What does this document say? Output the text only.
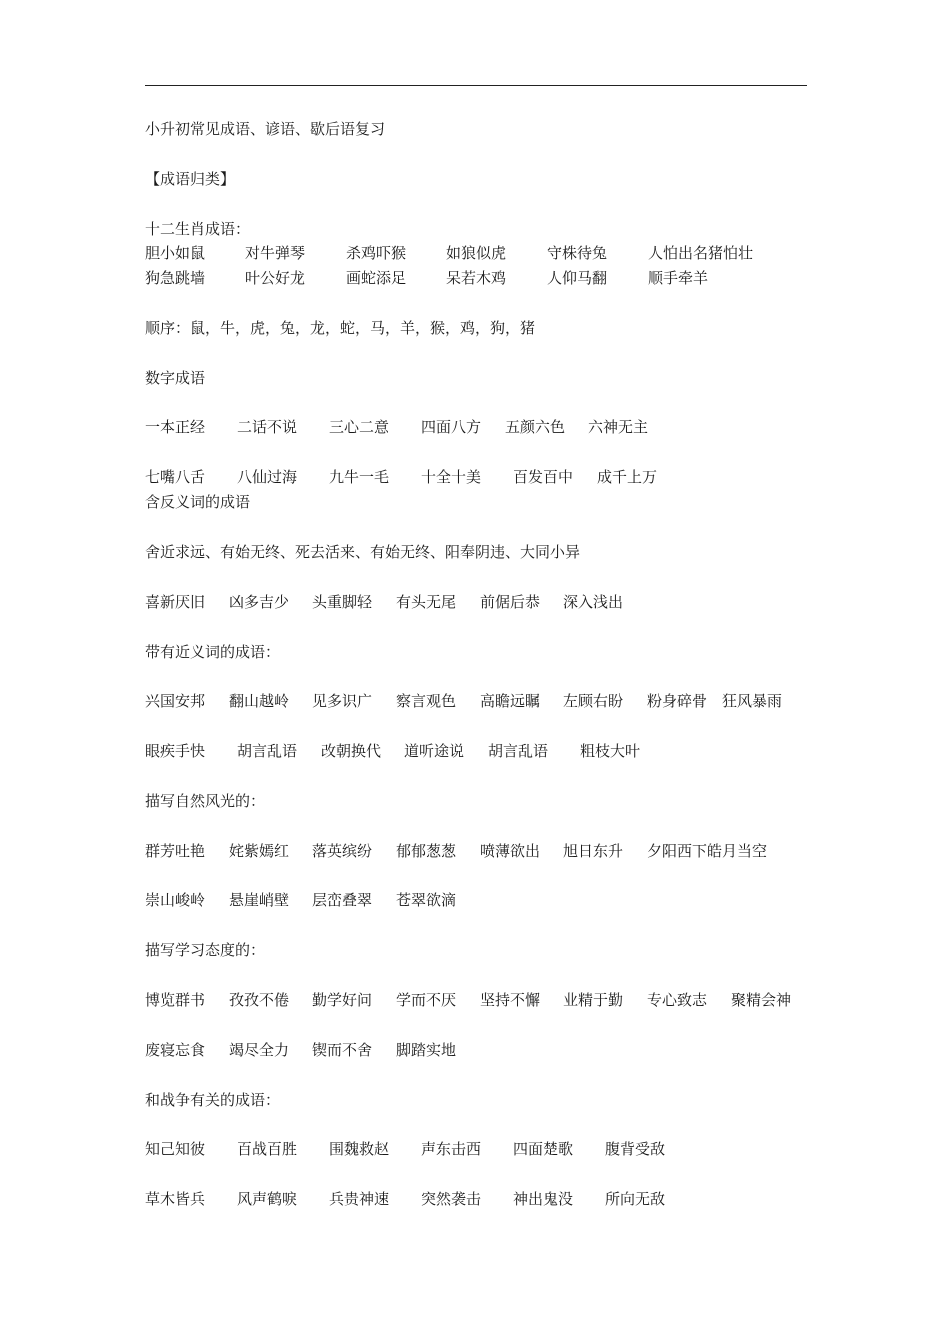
小升初常见成语、谚语、歇后语复习
【成语归类】
十二生肖成语：
胆小如鼠	对牛弹琴	杀鸡吓猴	如狼似虎	守株待兔	人怕出名猪怕壮
狗急跳墙	叶公好龙	画蛇添足	呆若木鸡	人仰马翻	顺手牵羊
顺序：鼠，牛，虎，兔，龙，蛇，马，羊，猴，鸡，狗，猪
数字成语
一本正经 二话不说 三心二意 四面八方 五颜六色 六神无主
七嘴八舌 八仙过海 九牛一毛 十全十美 百发百中 成千上万
含反义词的成语
舍近求远、有始无终、死去活来、有始无终、阳奉阴违、大同小异
喜新厌旧 凶多吉少 头重脚轻 有头无尾 前倨后恭 深入浅出
带有近义词的成语：
兴国安邦 翻山越岭 见多识广 察言观色 高瞻远瞩 左顾右盼 粉身碎骨 狂风暴雨
眼疾手快 胡言乱语 改朝换代 道听途说 胡言乱语 粗枝大叶
描写自然风光的：
群芳吐艳 姹紫嫣红 落英缤纷 郁郁葱葱 喷薄欲出 旭日东升 夕阳西下皓月当空
崇山峻岭 悬崖峭壁 层峦叠翠 苍翠欲滴
描写学习态度的：
博览群书 孜孜不倦 勤学好问 学而不厌 坚持不懈 业精于勤 专心致志 聚精会神
废寝忘食 竭尽全力 锲而不舍 脚踏实地
和战争有关的成语：
知己知彼 百战百胜 围魏救赵 声东击西 四面楚歌 腹背受敌
草木皆兵 风声鹤唳 兵贵神速 突然袭击 神出鬼没 所向无敌
